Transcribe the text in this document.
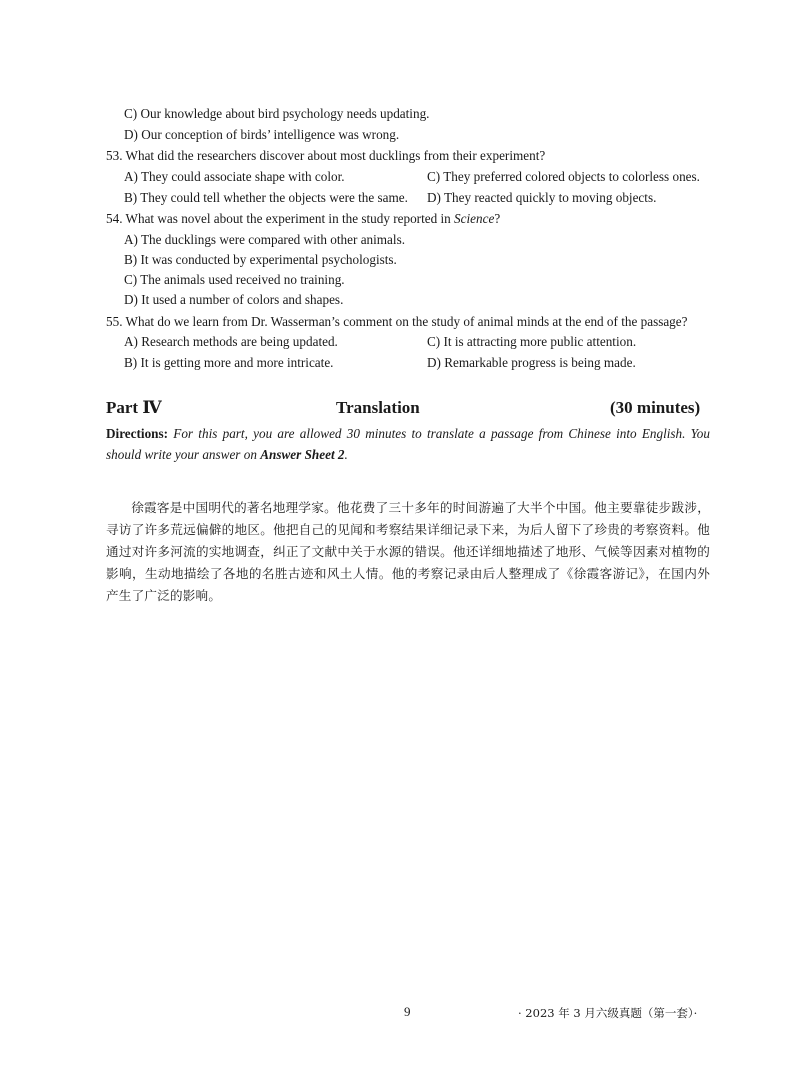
C) Our knowledge about bird psychology needs updating.
D) Our conception of birds’ intelligence was wrong.
53. What did the researchers discover about most ducklings from their experiment?
A) They could associate shape with color.	C) They preferred colored objects to colorless ones.
B) They could tell whether the objects were the same. D) They reacted quickly to moving objects.
54. What was novel about the experiment in the study reported in Science?
A) The ducklings were compared with other animals.
B) It was conducted by experimental psychologists.
C) The animals used received no training.
D) It used a number of colors and shapes.
55. What do we learn from Dr. Wasserman’s comment on the study of animal minds at the end of the passage?
A) Research methods are being updated.	C) It is attracting more public attention.
B) It is getting more and more intricate.	D) Remarkable progress is being made.
Part Ⅳ	Translation	(30 minutes)
Directions: For this part, you are allowed 30 minutes to translate a passage from Chinese into English. You should write your answer on Answer Sheet 2.
徐霞客是中国明代的著名地理学家。他花费了三十多年的时间游遍了大半个中国。他主要靠徒步跋涉，寻访了许多荒远偏僻的地区。他把自己的见闻和考察结果详细记录下来，为后人留下了珍贵的考察资料。他通过对许多河流的实地调查，纠正了文献中关于水源的错误。他还详细地描述了地形、气候等因素对植物的影响，生动地描绘了各地的名胜古迹和风土人情。他的考察记录由后人整理成了《徐霞客游记》，在国内外产生了广泛的影响。
9	· 2023 年 3 月六级真题（第一套）·
